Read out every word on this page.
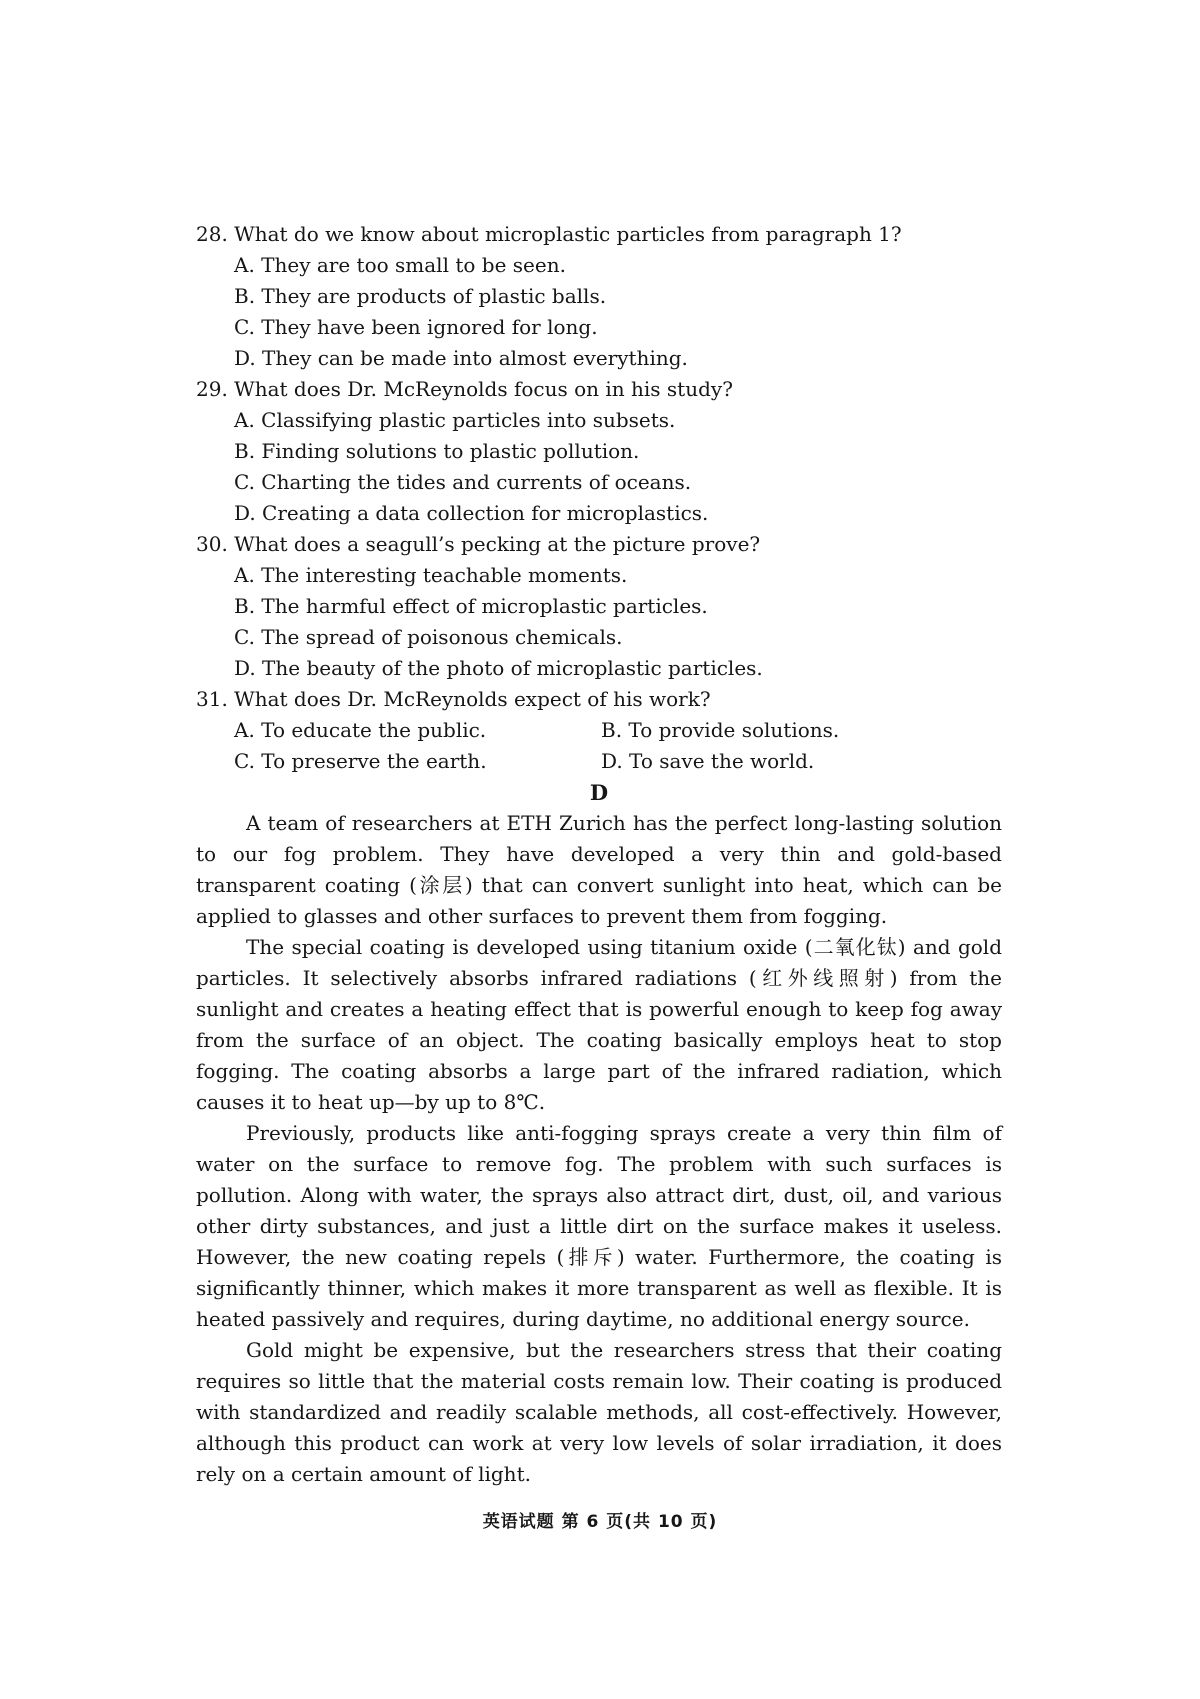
28. What do we know about microplastic particles from paragraph 1?

A. They are too small to be seen.

B. They are products of plastic balls.

C. They have been ignored for long.

D. They can be made into almost everything.

29. What does Dr. McReynolds focus on in his study?

A. Classifying plastic particles into subsets.

B. Finding solutions to plastic pollution.

C. Charting the tides and currents of oceans.

D. Creating a data collection for microplastics.

30. What does a seagull’s pecking at the picture prove?

A. The interesting teachable moments.

B. The harmful effect of microplastic particles.

C. The spread of poisonous chemicals.

D. The beauty of the photo of microplastic particles.

31. What does Dr. McReynolds expect of his work?

A. To educate the public.	B. To provide solutions.
C. To preserve the earth.	D. To save the world.

D

A team of researchers at ETH Zurich has the perfect long-lasting solution to our fog problem. They have developed a very thin and gold-based transparent coating (涂层) that can convert sunlight into heat, which can be applied to glasses and other surfaces to prevent them from fogging.

The special coating is developed using titanium oxide (二氧化钛) and gold particles. It selectively absorbs infrared radiations (红外线照射) from the sunlight and creates a heating effect that is powerful enough to keep fog away from the surface of an object. The coating basically employs heat to stop fogging. The coating absorbs a large part of the infrared radiation, which causes it to heat up—by up to 8℃.

Previously, products like anti-fogging sprays create a very thin film of water on the surface to remove fog. The problem with such surfaces is pollution. Along with water, the sprays also attract dirt, dust, oil, and various other dirty substances, and just a little dirt on the surface makes it useless. However, the new coating repels (排斥) water. Furthermore, the coating is significantly thinner, which makes it more transparent as well as flexible. It is heated passively and requires, during daytime, no additional energy source.

Gold might be expensive, but the researchers stress that their coating requires so little that the material costs remain low. Their coating is produced with standardized and readily scalable methods, all cost-effectively. However, although this product can work at very low levels of solar irradiation, it does rely on a certain amount of light.

英语试题 第 6 页(共 10 页)
